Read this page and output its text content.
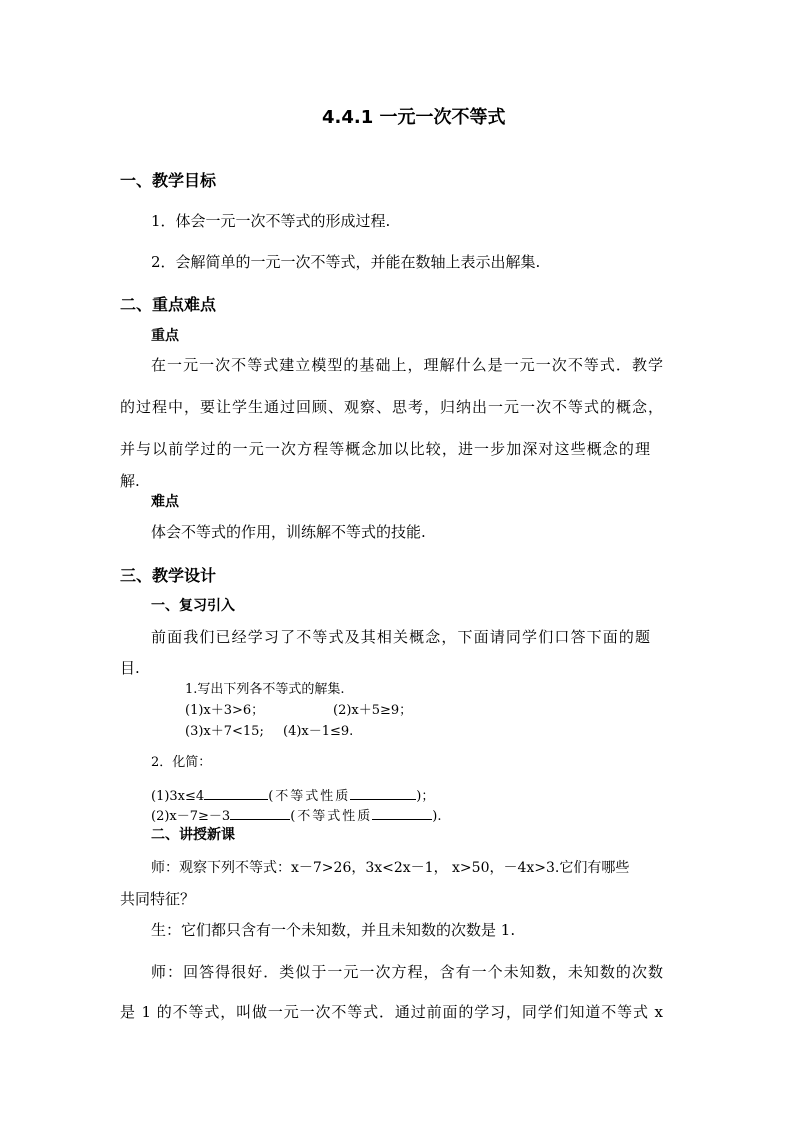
4.4.1 一元一次不等式
一、教学目标
1．体会一元一次不等式的形成过程.
2．会解简单的一元一次不等式，并能在数轴上表示出解集.
二、重点难点
重点
在一元一次不等式建立模型的基础上，理解什么是一元一次不等式．教学
的过程中，要让学生通过回顾、观察、思考，归纳出一元一次不等式的概念，
并与以前学过的一元一次方程等概念加以比较，进一步加深对这些概念的理
解.
难点
体会不等式的作用，训练解不等式的技能.
三、教学设计
一、复习引入
前面我们已经学习了不等式及其相关概念，下面请同学们口答下面的题
目.
1.写出下列各不等式的解集.
(1)x＋3>6；	(2)x＋5≥9；
(3)x＋7<15; (4)x－1≤9.
2．化简：
(1)3x≤4	(不等式性质	)；
(2)x－7≥－3	(不等式性质	).
二、讲授新课
师：观察下列不等式：x－7>26，3x<2x－1， x>50，－4x>3.它们有哪些
共同特征？
生：它们都只含有一个未知数，并且未知数的次数是 1.
师：回答得很好．类似于一元一次方程，含有一个未知数，未知数的次数
是 1 的不等式，叫做一元一次不等式．通过前面的学习，同学们知道不等式 x
